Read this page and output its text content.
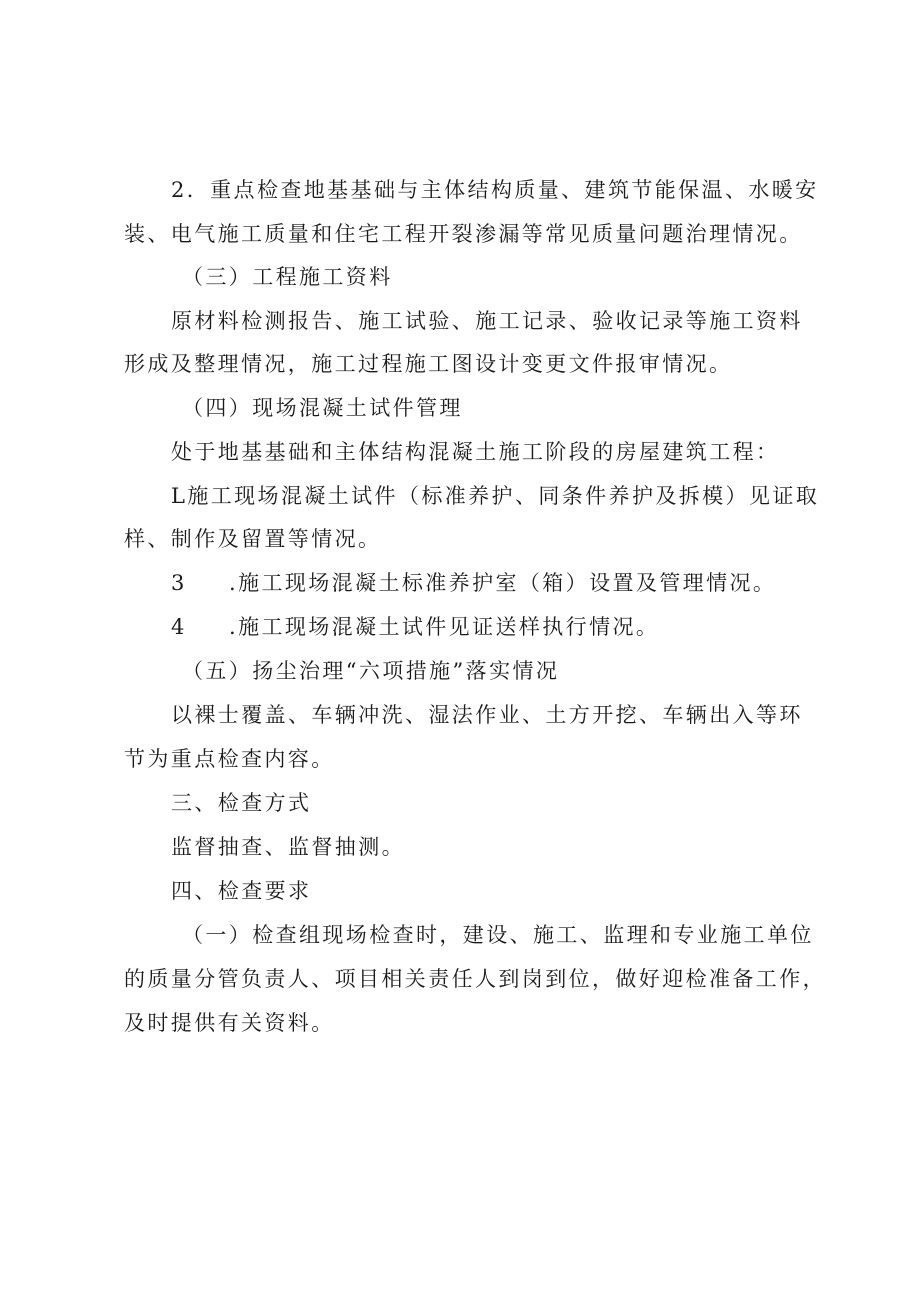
2．重点检查地基基础与主体结构质量、建筑节能保温、水暖安
装、电气施工质量和住宅工程开裂渗漏等常见质量问题治理情况。
（三）工程施工资料
原材料检测报告、施工试验、施工记录、验收记录等施工资料
形成及整理情况，施工过程施工图设计变更文件报审情况。
（四）现场混凝土试件管理
处于地基基础和主体结构混凝土施工阶段的房屋建筑工程：
L施工现场混凝土试件（标准养护、同条件养护及拆模）见证取
样、制作及留置等情况。
3 .施工现场混凝土标准养护室（箱）设置及管理情况。
4 .施工现场混凝土试件见证送样执行情况。
（五）扬尘治理“六项措施”落实情况
以裸士覆盖、车辆冲洗、湿法作业、土方开挖、车辆出入等环
节为重点检查内容。
三、检查方式
监督抽查、监督抽测。
四、检查要求
（一）检查组现场检查时，建设、施工、监理和专业施工单位
的质量分管负责人、项目相关责任人到岗到位，做好迎检准备工作，
及时提供有关资料。
